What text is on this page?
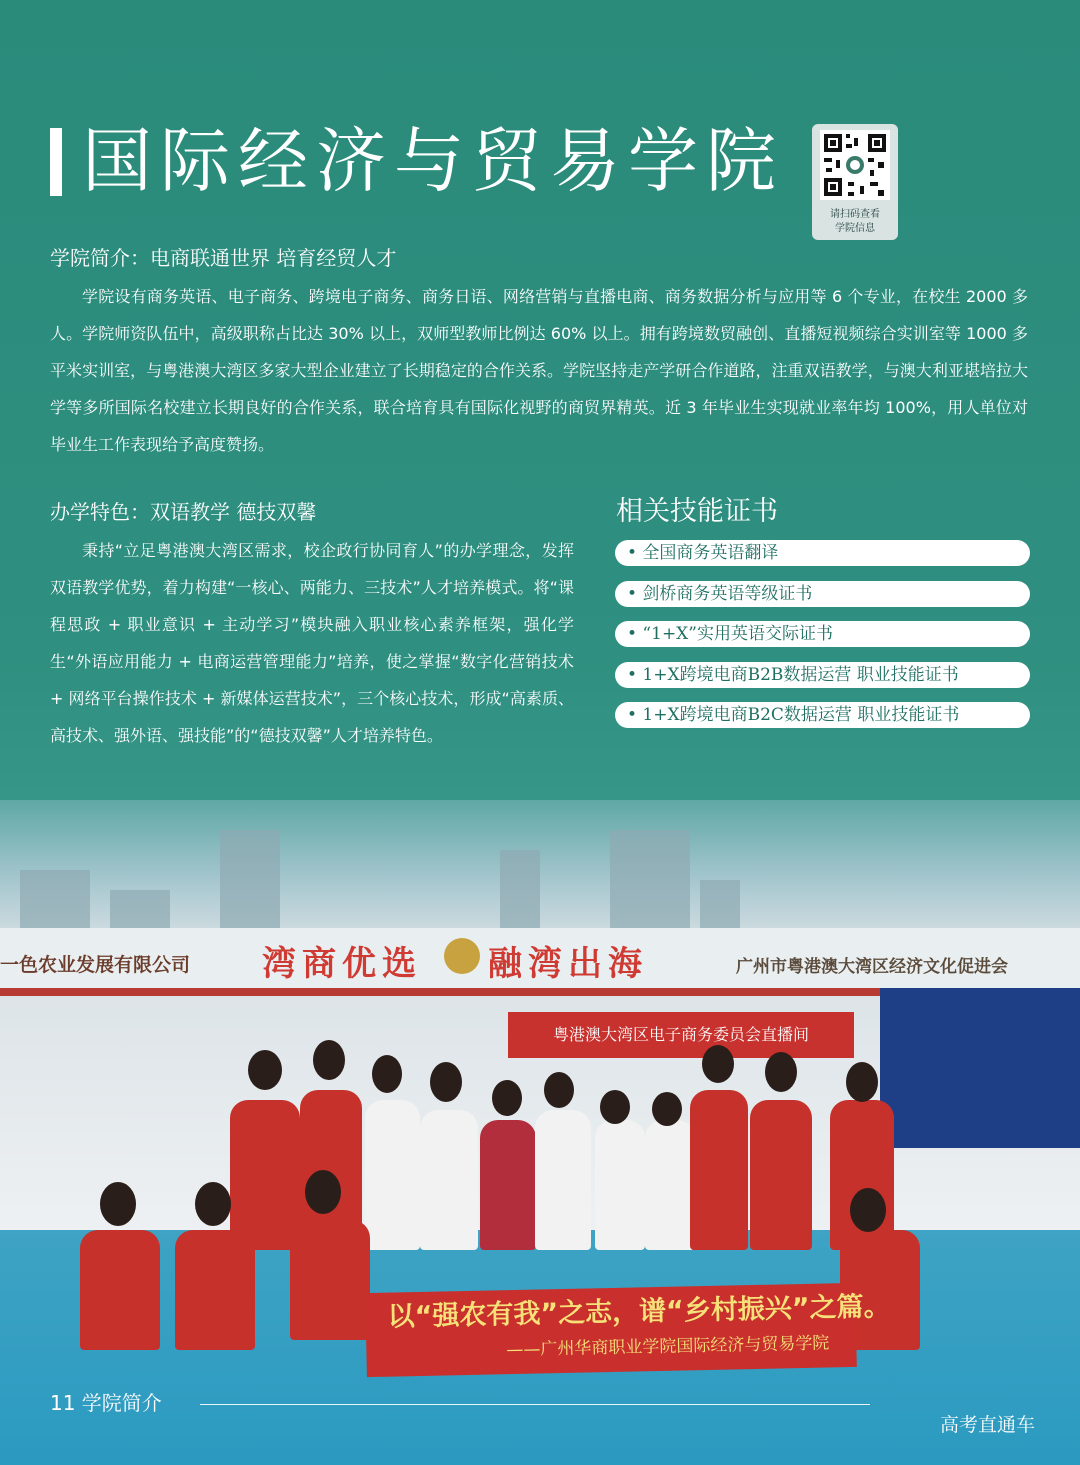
国际经济与贸易学院
请扫码查看
学院信息
学院简介：电商联通世界 培育经贸人才

学院设有商务英语、电子商务、跨境电子商务、商务日语、网络营销与直播电商、商务数据分析与应用等 6 个专业，在校生 2000 多人。学院师资队伍中，高级职称占比达 30% 以上，双师型教师比例达 60% 以上。拥有跨境数贸融创、直播短视频综合实训室等 1000 多平米实训室，与粤港澳大湾区多家大型企业建立了长期稳定的合作关系。学院坚持走产学研合作道路，注重双语教学，与澳大利亚堪培拉大学等多所国际名校建立长期良好的合作关系，联合培育具有国际化视野的商贸界精英。近 3 年毕业生实现就业率年均 100%，用人单位对毕业生工作表现给予高度赞扬。

办学特色：双语教学 德技双馨

秉持“立足粤港澳大湾区需求，校企政行协同育人”的办学理念，发挥双语教学优势，着力构建“一核心、两能力、三技术”人才培养模式。将“课程思政 + 职业意识 + 主动学习”模块融入职业核心素养框架，强化学生“外语应用能力 + 电商运营管理能力”培养，使之掌握“数字化营销技术 + 网络平台操作技术 + 新媒体运营技术”，三个核心技术，形成“高素质、高技术、强外语、强技能”的“德技双馨”人才培养特色。

相关技能证书
• 全国商务英语翻译
• 剑桥商务英语等级证书
• “1+X”实用英语交际证书
• 1+X跨境电商B2B数据运营 职业技能证书
• 1+X跨境电商B2C数据运营 职业技能证书
一色农业发展有限公司 湾商优选 融湾出海	广州市粤港澳大湾区经济文化促进会
粤港澳大湾区电子商务委员会直播间
以“强农有我”之志，谱“乡村振兴”之篇。
——广州华商职业学院国际经济与贸易学院
11 学院简介
高考直通车
